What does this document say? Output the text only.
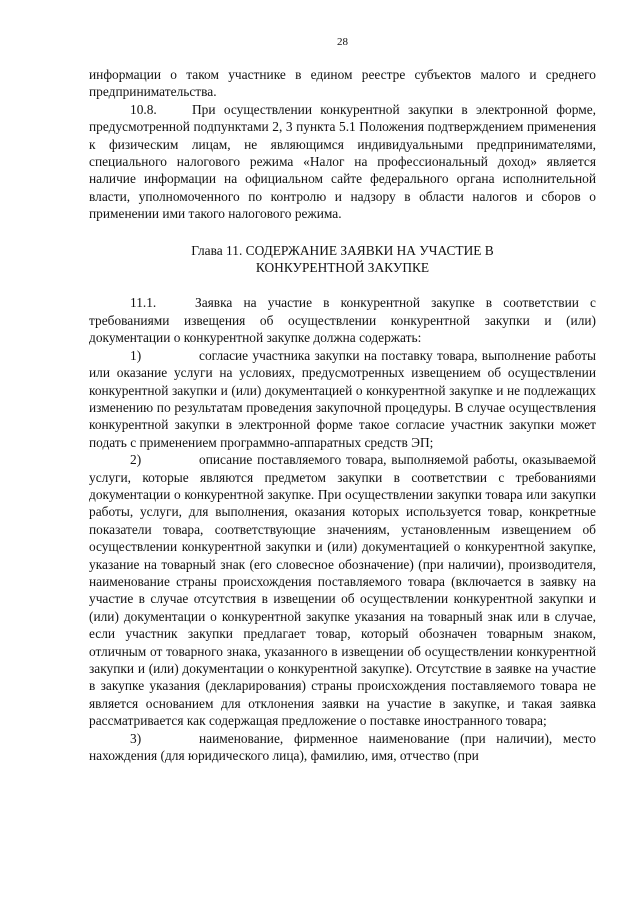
28

информации о таком участнике в едином реестре субъектов малого и среднего предпринимательства.

10.8.	При осуществлении конкурентной закупки в электронной форме, предусмотренной подпунктами 2, 3 пункта 5.1 Положения подтверждением применения к физическим лицам, не являющимся индивидуальными предпринимателями, специального налогового режима «Налог на профессиональный доход» является наличие информации на официальном сайте федерального органа исполнительной власти, уполномоченного по контролю и надзору в области налогов и сборов о применении ими такого налогового режима.

Глава 11. СОДЕРЖАНИЕ ЗАЯВКИ НА УЧАСТИЕ В
КОНКУРЕНТНОЙ ЗАКУПКЕ

11.1.	Заявка на участие в конкурентной закупке в соответствии с требованиями извещения об осуществлении конкурентной закупки и (или) документации о конкурентной закупке должна содержать:

1)	согласие участника закупки на поставку товара, выполнение работы или оказание услуги на условиях, предусмотренных извещением об осуществлении конкурентной закупки и (или) документацией о конкурентной закупке и не подлежащих изменению по результатам проведения закупочной процедуры. В случае осуществления конкурентной закупки в электронной форме такое согласие участник закупки может подать с применением программно-аппаратных средств ЭП;

2)	описание поставляемого товара, выполняемой работы, оказываемой услуги, которые являются предметом закупки в соответствии с требованиями документации о конкурентной закупке. При осуществлении закупки товара или закупки работы, услуги, для выполнения, оказания которых используется товар, конкретные показатели товара, соответствующие значениям, установленным извещением об осуществлении конкурентной закупки и (или) документацией о конкурентной закупке, указание на товарный знак (его словесное обозначение) (при наличии), производителя, наименование страны происхождения поставляемого товара (включается в заявку на участие в случае отсутствия в извещении об осуществлении конкурентной закупки и (или) документации о конкурентной закупке указания на товарный знак или в случае, если участник закупки предлагает товар, который обозначен товарным знаком, отличным от товарного знака, указанного в извещении об осуществлении конкурентной закупки и (или) документации о конкурентной закупке). Отсутствие в заявке на участие в закупке указания (декларирования) страны происхождения поставляемого товара не является основанием для отклонения заявки на участие в закупке, и такая заявка рассматривается как содержащая предложение о поставке иностранного товара;

3)	наименование, фирменное наименование (при наличии), место нахождения (для юридического лица), фамилию, имя, отчество (при
